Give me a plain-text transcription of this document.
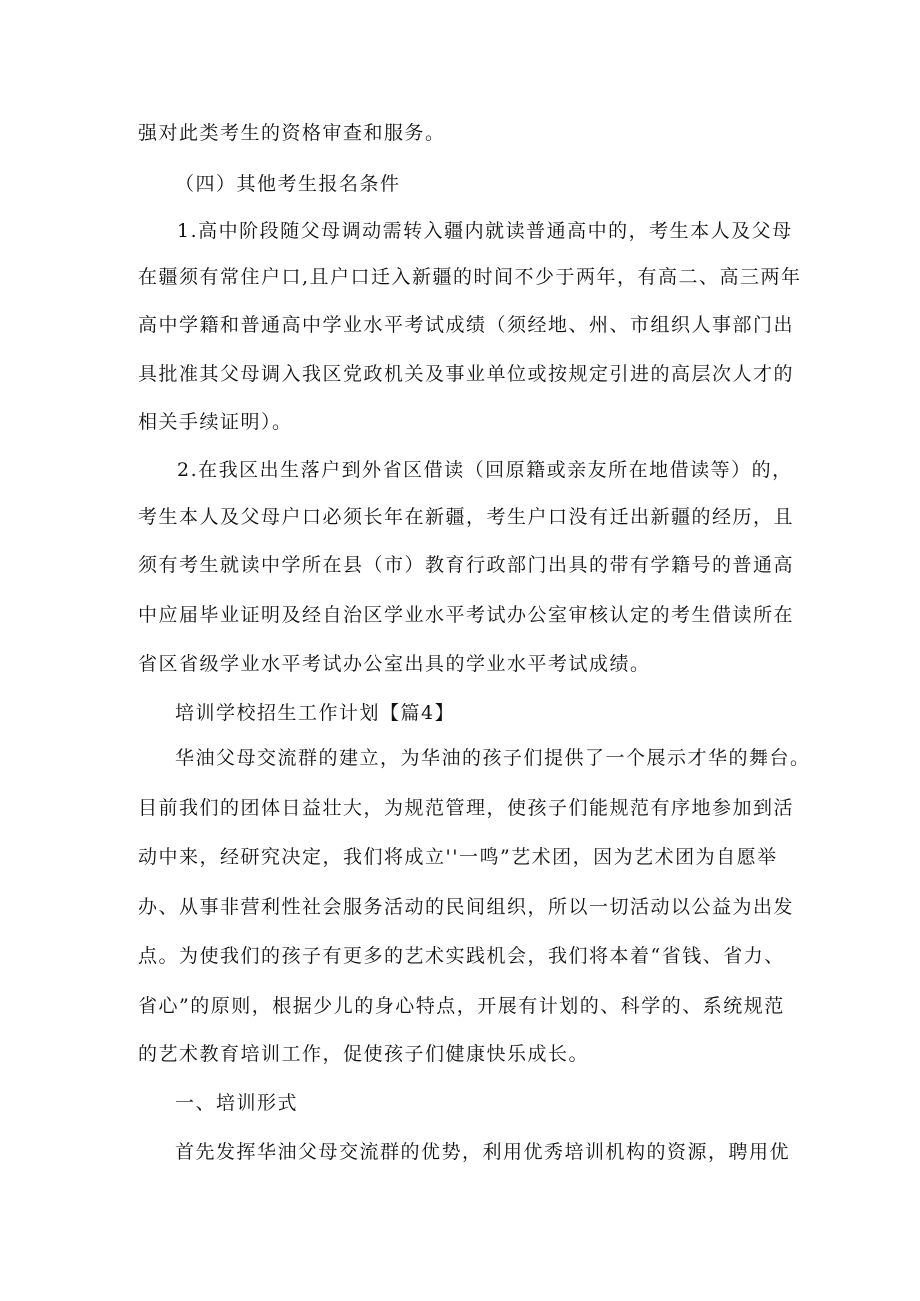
强对此类考生的资格审查和服务。
（四）其他考生报名条件
1.高中阶段随父母调动需转入疆内就读普通高中的，考生本人及父母
在疆须有常住户口,且户口迁入新疆的时间不少于两年，有高二、高三两年
高中学籍和普通高中学业水平考试成绩（须经地、州、市组织人事部门出
具批准其父母调入我区党政机关及事业单位或按规定引进的高层次人才的
相关手续证明）。
2.在我区出生落户到外省区借读（回原籍或亲友所在地借读等）的，
考生本人及父母户口必须长年在新疆，考生户口没有迁出新疆的经历，且
须有考生就读中学所在县（市）教育行政部门出具的带有学籍号的普通高
中应届毕业证明及经自治区学业水平考试办公室审核认定的考生借读所在
省区省级学业水平考试办公室出具的学业水平考试成绩。
培训学校招生工作计划【篇4】
华油父母交流群的建立，为华油的孩子们提供了一个展示才华的舞台。
目前我们的团体日益壮大，为规范管理，使孩子们能规范有序地参加到活
动中来，经研究决定，我们将成立''一鸣”艺术团，因为艺术团为自愿举
办、从事非营利性社会服务活动的民间组织，所以一切活动以公益为出发
点。为使我们的孩子有更多的艺术实践机会，我们将本着“省钱、省力、
省心”的原则，根据少儿的身心特点，开展有计划的、科学的、系统规范
的艺术教育培训工作，促使孩子们健康快乐成长。
一、培训形式
首先发挥华油父母交流群的优势，利用优秀培训机构的资源，聘用优
